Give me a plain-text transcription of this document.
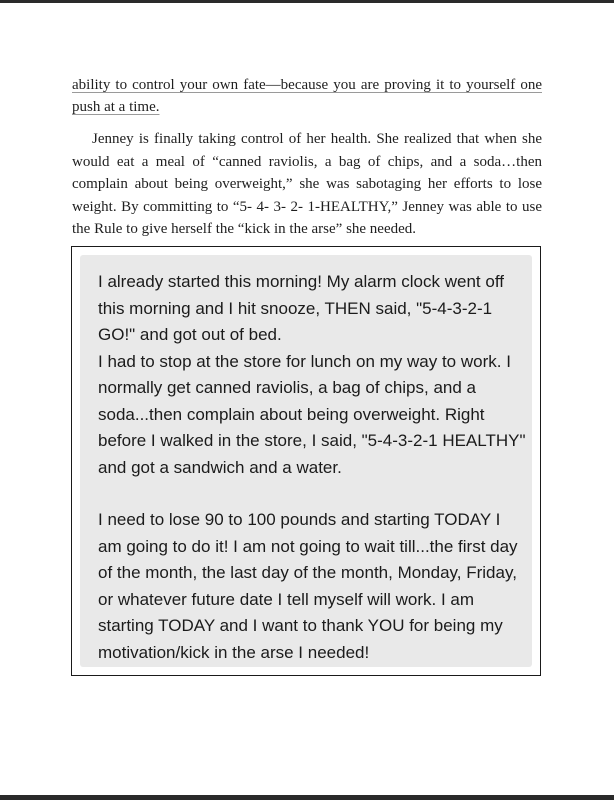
ability to control your own fate—because you are proving it to yourself one push at a time.

Jenney is finally taking control of her health. She realized that when she would eat a meal of “canned raviolis, a bag of chips, and a soda…then complain about being overweight,” she was sabotaging her efforts to lose weight. By committing to “5- 4- 3- 2- 1-HEALTHY,” Jenney was able to use the Rule to give herself the “kick in the arse” she needed.

I already started this morning! My alarm clock went off this morning and I hit snooze, THEN said, "5-4-3-2-1 GO!" and got out of bed.

I had to stop at the store for lunch on my way to work. I normally get canned raviolis, a bag of chips, and a soda...then complain about being overweight. Right before I walked in the store, I said, "5-4-3-2-1 HEALTHY" and got a sandwich and a water.

I need to lose 90 to 100 pounds and starting TODAY I am going to do it! I am not going to wait till...the first day of the month, the last day of the month, Monday, Friday, or whatever future date I tell myself will work. I am starting TODAY and I want to thank YOU for being my motivation/kick in the arse I needed!
